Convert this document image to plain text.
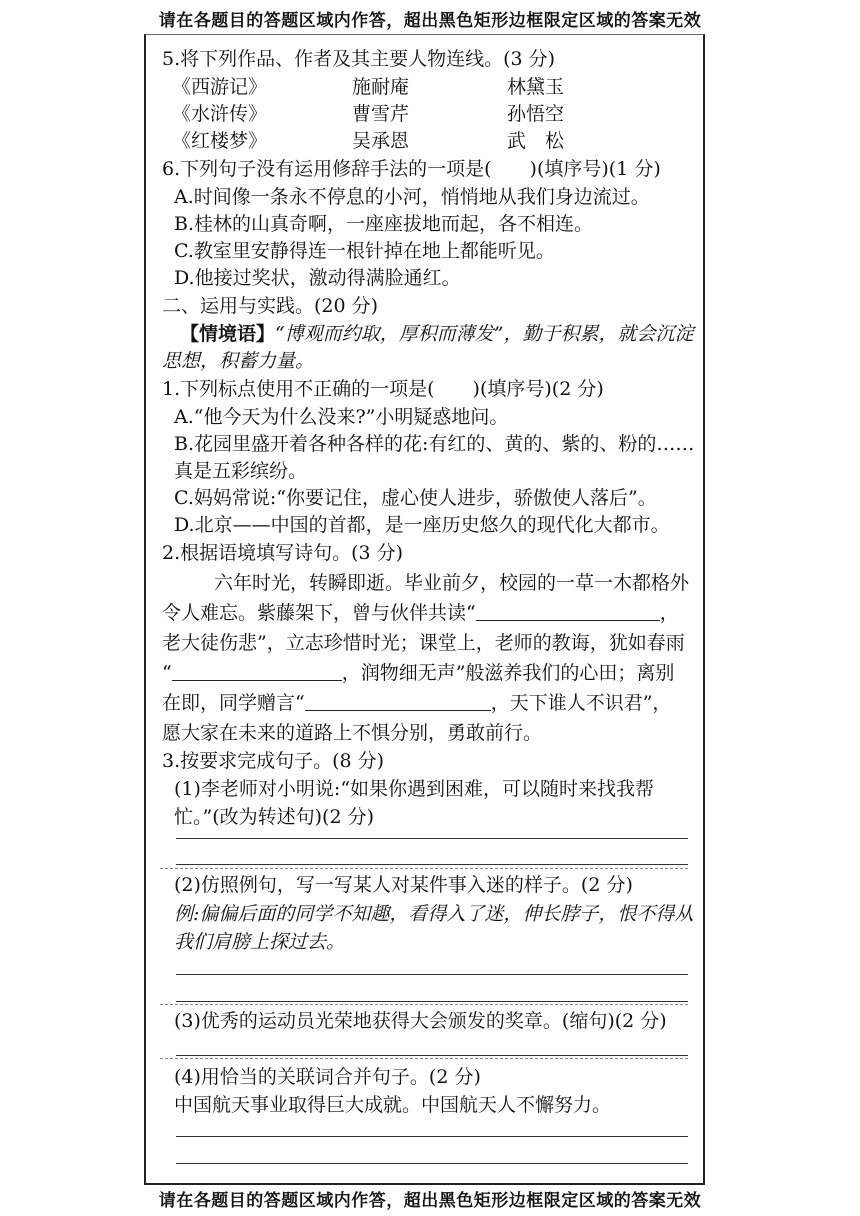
请在各题目的答题区域内作答，超出黑色矩形边框限定区域的答案无效
5.将下列作品、作者及其主要人物连线。(3 分)
《西游记》	施耐庵	林黛玉
《水浒传》	曹雪芹	孙悟空
《红楼梦》	吴承恩	武　松
6.下列句子没有运用修辞手法的一项是( )(填序号)(1 分)
A.时间像一条永不停息的小河，悄悄地从我们身边流过。
B.桂林的山真奇啊，一座座拔地而起，各不相连。
C.教室里安静得连一根针掉在地上都能听见。
D.他接过奖状，激动得满脸通红。
二、运用与实践。(20 分)
【情境语】“博观而约取，厚积而薄发”，勤于积累，就会沉淀
思想，积蓄力量。
1.下列标点使用不正确的一项是( )(填序号)(2 分)
A.“他今天为什么没来?”小明疑惑地问。
B.花园里盛开着各种各样的花:有红的、黄的、紫的、粉的……
真是五彩缤纷。
C.妈妈常说:“你要记住，虚心使人进步，骄傲使人落后”。
D.北京——中国的首都，是一座历史悠久的现代化大都市。
2.根据语境填写诗句。(3 分)
六年时光，转瞬即逝。毕业前夕，校园的一草一木都格外
令人难忘。紫藤架下，曾与伙伴共读“	，
老大徒伤悲”，立志珍惜时光；课堂上，老师的教诲，犹如春雨
“	，润物细无声”般滋养我们的心田；离别
在即，同学赠言“	，天下谁人不识君”，
愿大家在未来的道路上不惧分别，勇敢前行。
3.按要求完成句子。(8 分)
(1)李老师对小明说:“如果你遇到困难，可以随时来找我帮
忙。”(改为转述句)(2 分)
(2)仿照例句，写一写某人对某件事入迷的样子。(2 分)
例:偏偏后面的同学不知趣，看得入了迷，伸长脖子，恨不得从
我们肩膀上探过去。
(3)优秀的运动员光荣地获得大会颁发的奖章。(缩句)(2 分)
(4)用恰当的关联词合并句子。(2 分)
中国航天事业取得巨大成就。中国航天人不懈努力。
请在各题目的答题区域内作答，超出黑色矩形边框限定区域的答案无效
